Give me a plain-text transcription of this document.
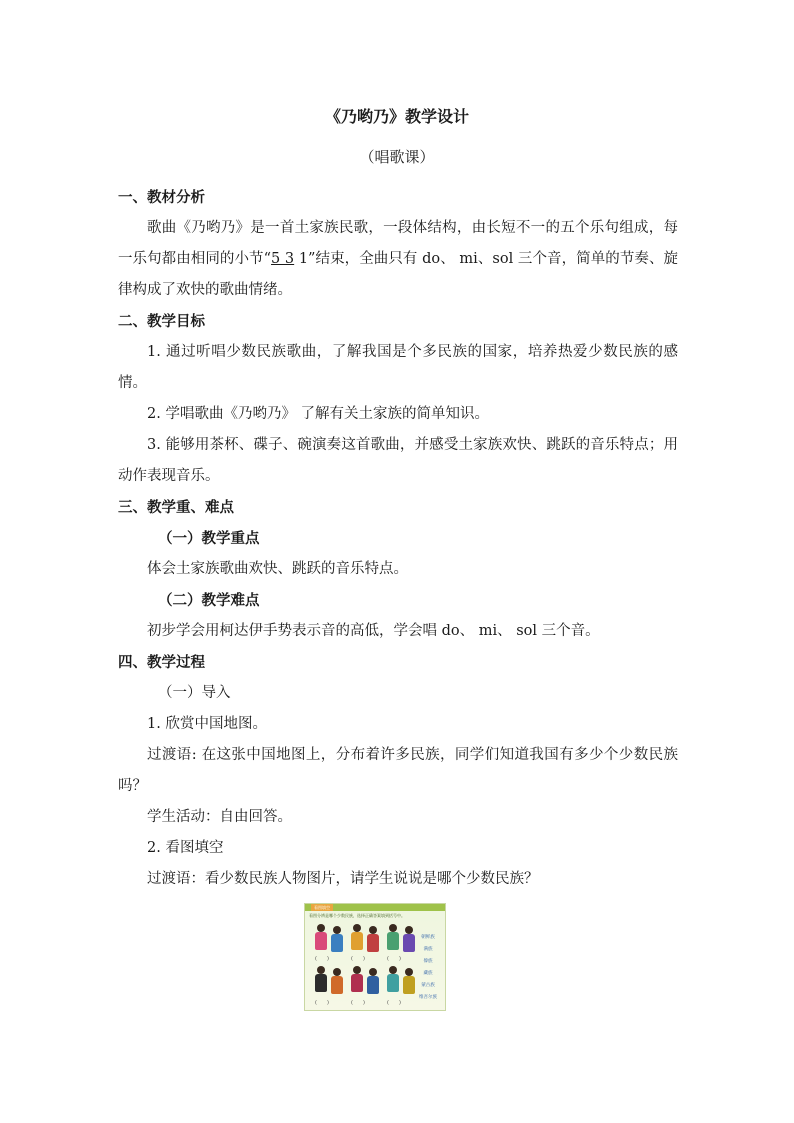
《乃哟乃》教学设计
（唱歌课）
一、教材分析
歌曲《乃哟乃》是一首土家族民歌，一段体结构，由长短不一的五个乐句组成，每一乐句都由相同的小节“5 3 1”结束，全曲只有 do、 mi、sol 三个音，简单的节奏、旋律构成了欢快的歌曲情绪。
二、教学目标
1. 通过听唱少数民族歌曲，了解我国是个多民族的国家，培养热爱少数民族的感情。
2. 学唱歌曲《乃哟乃》 了解有关土家族的简单知识。
3. 能够用茶杯、碟子、碗演奏这首歌曲，并感受土家族欢快、跳跃的音乐特点；用动作表现音乐。
三、教学重、难点
（一）教学重点
体会土家族歌曲欢快、跳跃的音乐特点。
（二）教学难点
初步学会用柯达伊手势表示音的高低，学会唱 do、 mi、 sol 三个音。
四、教学过程
（一）导入
1. 欣赏中国地图。
过渡语: 在这张中国地图上，分布着许多民族，同学们知道我国有多少个少数民族吗？
学生活动：自由回答。
2. 看图填空
过渡语：看少数民族人物图片，请学生说说是哪个少数民族？
看图填空
看图分辨是哪个少数民族，选择正确答案填到括号中。
(　　)	(　　)	(　　)
(　　)	(　　)	(　　)
朝鲜族
满族
傣族
藏族
蒙古族
维吾尔族
